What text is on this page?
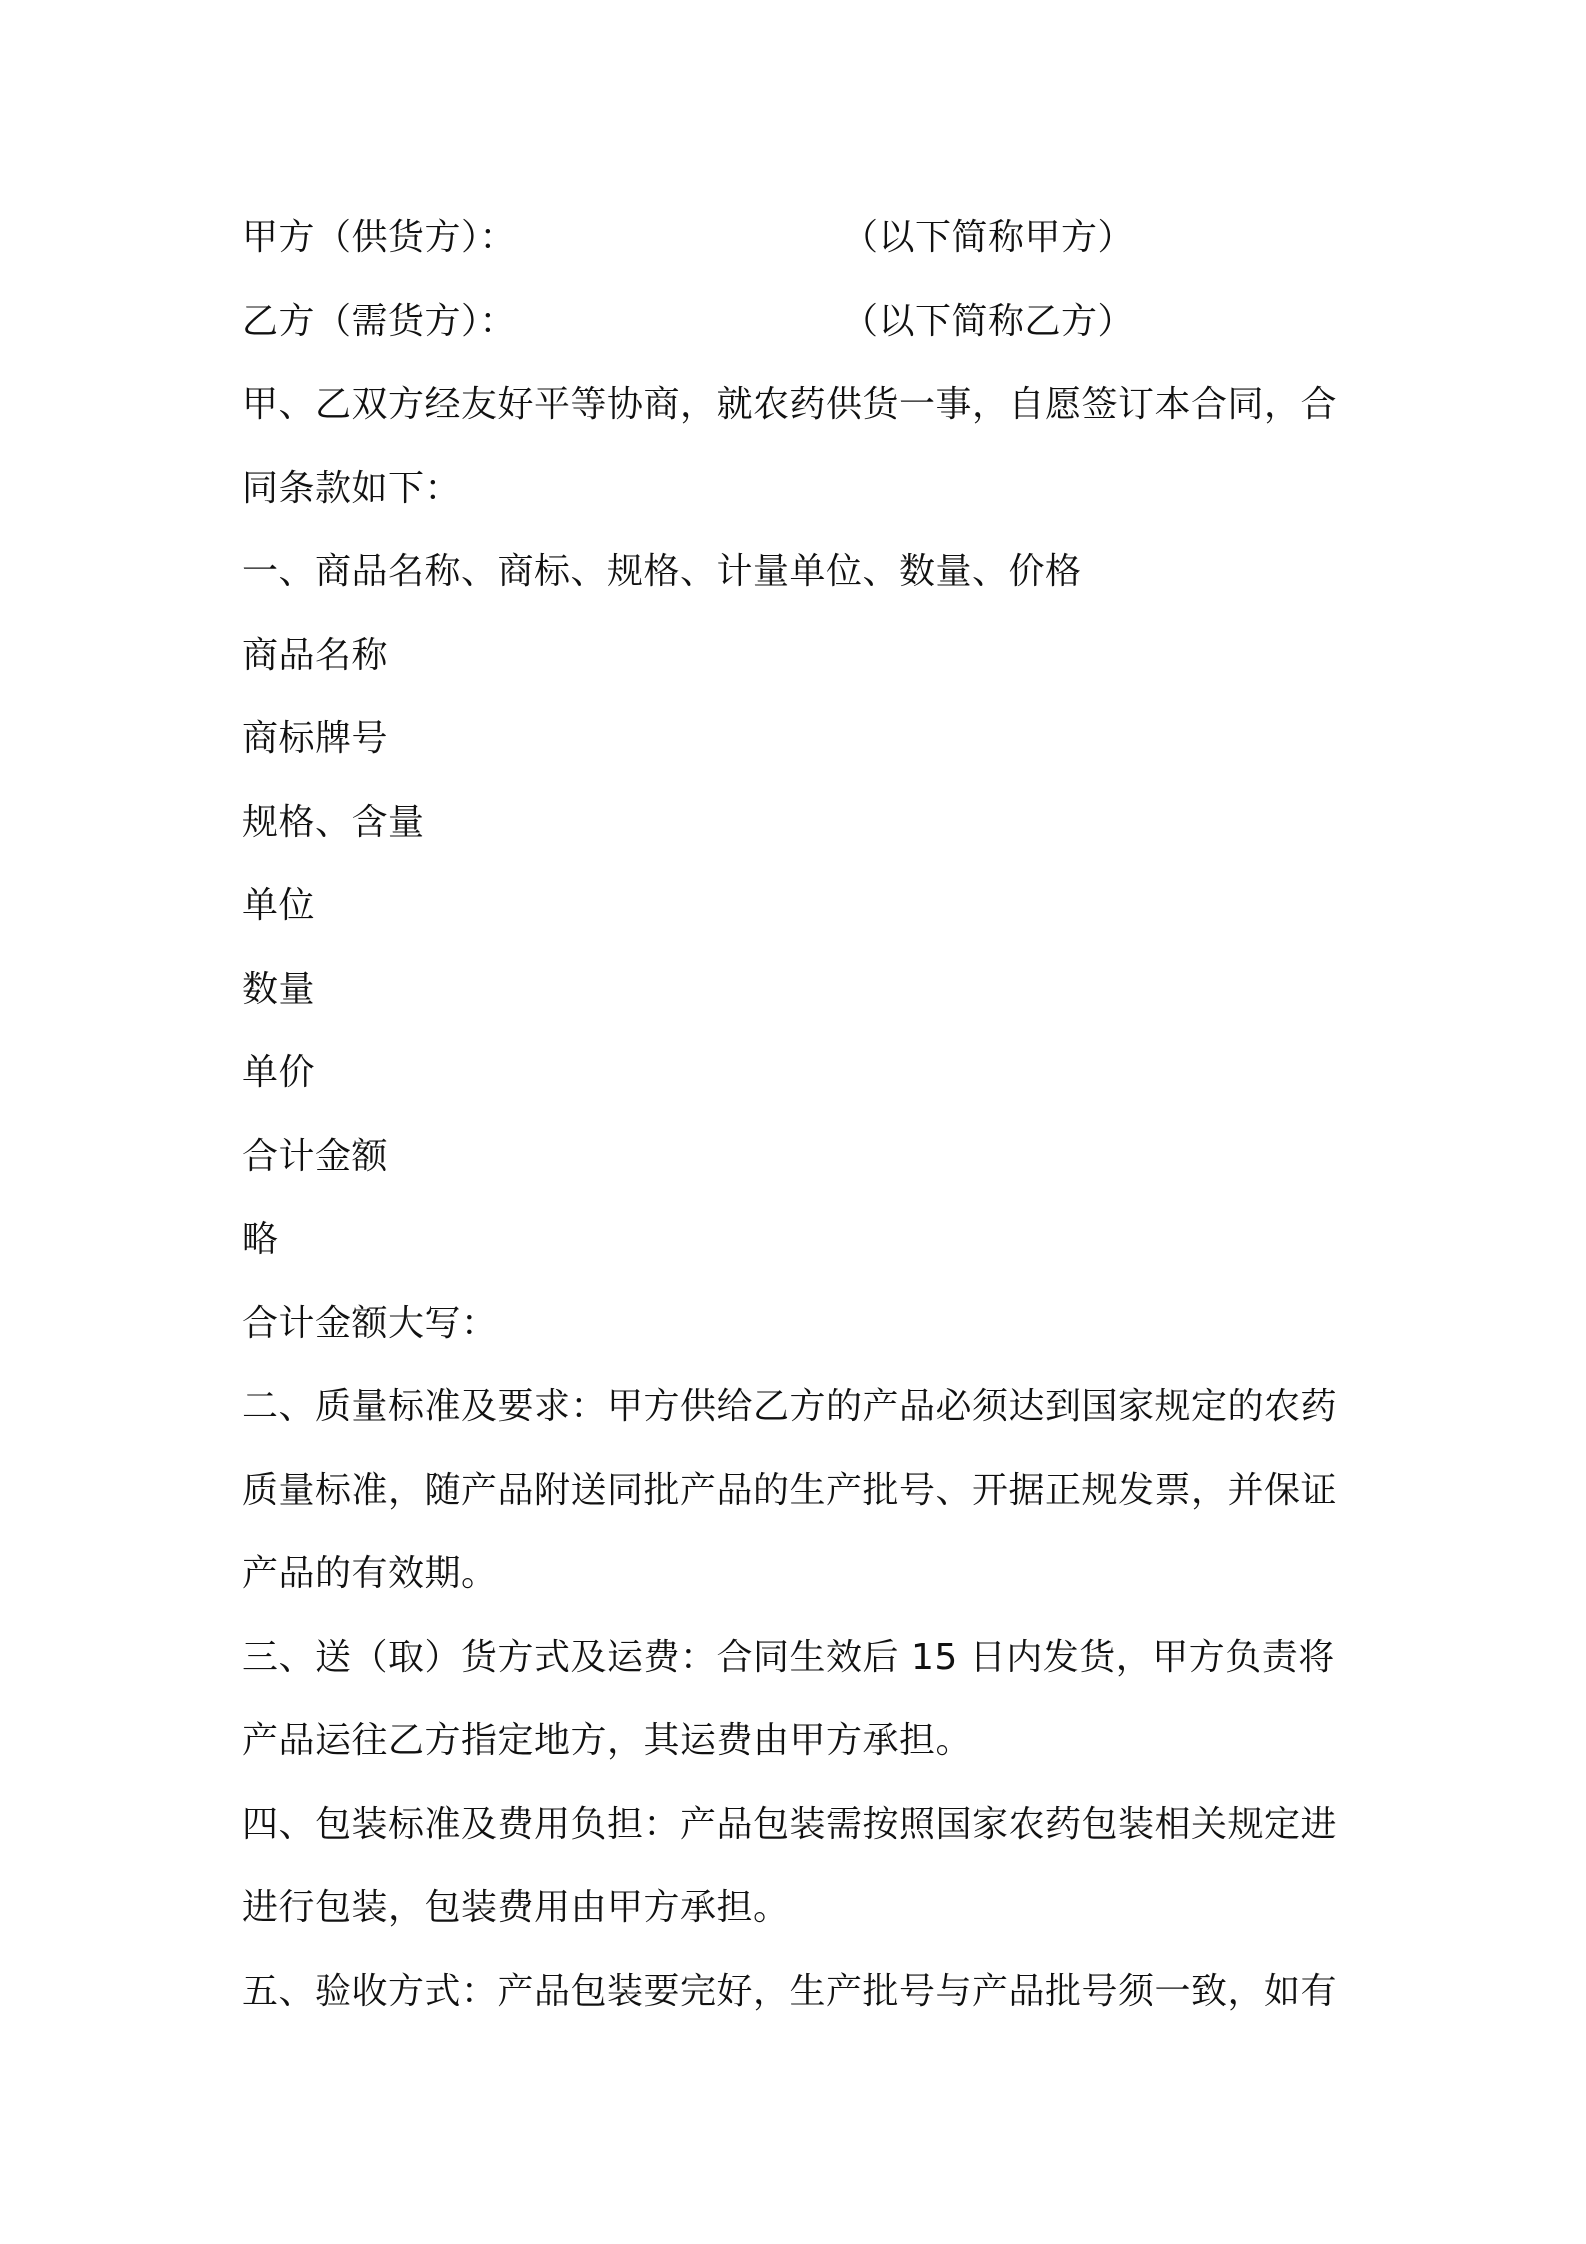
甲方（供货方）：	（以下简称甲方）
乙方（需货方）：	（以下简称乙方）
甲、乙双方经友好平等协商，就农药供货一事，自愿签订本合同，合
同条款如下：
一、商品名称、商标、规格、计量单位、数量、价格
商品名称
商标牌号
规格、含量
单位
数量
单价
合计金额
略
合计金额大写：
二、质量标准及要求：甲方供给乙方的产品必须达到国家规定的农药
质量标准，随产品附送同批产品的生产批号、开据正规发票，并保证
产品的有效期。
三、送（取）货方式及运费：合同生效后 15 日内发货，甲方负责将
产品运往乙方指定地方，其运费由甲方承担。
四、包装标准及费用负担：产品包装需按照国家农药包装相关规定进
进行包装，包装费用由甲方承担。
五、验收方式：产品包装要完好，生产批号与产品批号须一致，如有
